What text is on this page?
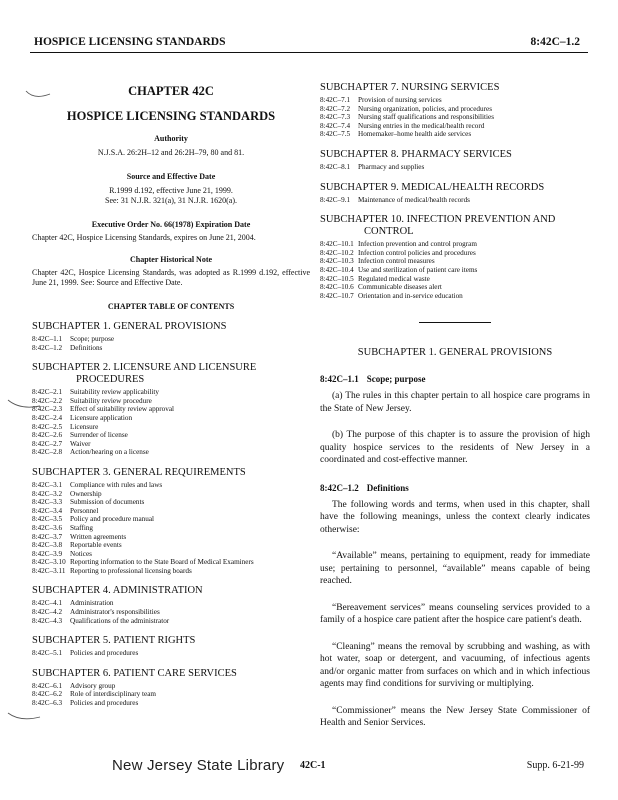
HOSPICE LICENSING STANDARDS	8:42C–1.2
CHAPTER 42C
HOSPICE LICENSING STANDARDS
Authority
N.J.S.A. 26:2H–12 and 26:2H–79, 80 and 81.
Source and Effective Date
R.1999 d.192, effective June 21, 1999.
See: 31 N.J.R. 321(a), 31 N.J.R. 1620(a).
Executive Order No. 66(1978) Expiration Date
Chapter 42C, Hospice Licensing Standards, expires on June 21, 2004.
Chapter Historical Note
Chapter 42C, Hospice Licensing Standards, was adopted as R.1999 d.192, effective June 21, 1999. See: Source and Effective Date.
CHAPTER TABLE OF CONTENTS
SUBCHAPTER 1. GENERAL PROVISIONS
8:42C–1.1	Scope; purpose
8:42C–1.2	Definitions
SUBCHAPTER 2. LICENSURE AND LICENSURE
PROCEDURES
8:42C–2.1	Suitability review applicability
8:42C–2.2	Suitability review procedure
8:42C–2.3	Effect of suitability review approval
8:42C–2.4	Licensure application
8:42C–2.5	Licensure
8:42C–2.6	Surrender of license
8:42C–2.7	Waiver
8:42C–2.8	Action/hearing on a license
SUBCHAPTER 3. GENERAL REQUIREMENTS
8:42C–3.1	Compliance with rules and laws
8:42C–3.2	Ownership
8:42C–3.3	Submission of documents
8:42C–3.4	Personnel
8:42C–3.5	Policy and procedure manual
8:42C–3.6	Staffing
8:42C–3.7	Written agreements
8:42C–3.8	Reportable events
8:42C–3.9	Notices
8:42C–3.10 Reporting information to the State Board of Medical Examiners
8:42C–3.11 Reporting to professional licensing boards
SUBCHAPTER 4. ADMINISTRATION
8:42C–4.1	Administration
8:42C–4.2	Administrator's responsibilities
8:42C–4.3	Qualifications of the administrator
SUBCHAPTER 5. PATIENT RIGHTS
8:42C–5.1	Policies and procedures
SUBCHAPTER 6. PATIENT CARE SERVICES
8:42C–6.1	Advisory group
8:42C–6.2	Role of interdisciplinary team
8:42C–6.3	Policies and procedures
SUBCHAPTER 7. NURSING SERVICES
8:42C–7.1	Provision of nursing services
8:42C–7.2	Nursing organization, policies, and procedures
8:42C–7.3	Nursing staff qualifications and responsibilities
8:42C–7.4	Nursing entries in the medical/health record
8:42C–7.5	Homemaker–home health aide services
SUBCHAPTER 8. PHARMACY SERVICES
8:42C–8.1	Pharmacy and supplies
SUBCHAPTER 9. MEDICAL/HEALTH RECORDS
8:42C–9.1	Maintenance of medical/health records
SUBCHAPTER 10. INFECTION PREVENTION AND
CONTROL
8:42C–10.1 Infection prevention and control program
8:42C–10.2 Infection control policies and procedures
8:42C–10.3 Infection control measures
8:42C–10.4 Use and sterilization of patient care items
8:42C–10.5 Regulated medical waste
8:42C–10.6 Communicable diseases alert
8:42C–10.7 Orientation and in-service education
SUBCHAPTER 1. GENERAL PROVISIONS
8:42C–1.1 Scope; purpose
(a) The rules in this chapter pertain to all hospice care programs in the State of New Jersey.
(b) The purpose of this chapter is to assure the provision of high quality hospice services to the residents of New Jersey in a coordinated and cost-effective manner.
8:42C–1.2 Definitions
The following words and terms, when used in this chapter, shall have the following meanings, unless the context clearly indicates otherwise:
“Available” means, pertaining to equipment, ready for immediate use; pertaining to personnel, “available” means capable of being reached.
“Bereavement services” means counseling services provided to a family of a hospice care patient after the hospice care patient's death.
“Cleaning” means the removal by scrubbing and washing, as with hot water, soap or detergent, and vacuuming, of infectious agents and/or organic matter from surfaces on which and in which infectious agents may find conditions for surviving or multiplying.
“Commissioner” means the New Jersey State Commissioner of Health and Senior Services.
New Jersey State Library 42C-1	Supp. 6-21-99
